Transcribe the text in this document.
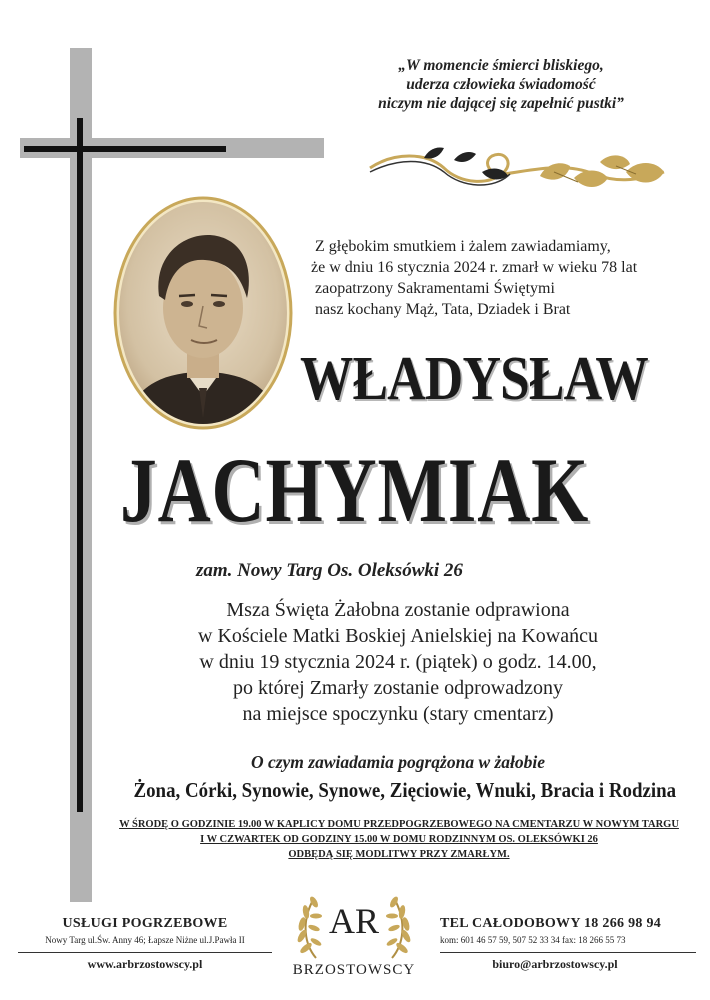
„W momencie śmierci bliskiego,
uderza człowieka świadomość
niczym nie dającej się zapełnić pustki”
Z głębokim smutkiem i żalem zawiadamiamy,
że w dniu 16 stycznia 2024 r. zmarł w wieku 78 lat
zaopatrzony Sakramentami Świętymi
nasz kochany Mąż, Tata, Dziadek i Brat
WŁADYSŁAW
JACHYMIAK
zam. Nowy Targ Os. Oleksówki 26
Msza Święta Żałobna zostanie odprawiona
w Kościele Matki Boskiej Anielskiej na Kowańcu
w dniu 19 stycznia 2024 r. (piątek) o godz. 14.00,
po której Zmarły zostanie odprowadzony
na miejsce spoczynku (stary cmentarz)
O czym zawiadamia pogrążona w żałobie
Żona, Córki, Synowie, Synowe, Zięciowie, Wnuki, Bracia i Rodzina
W ŚRODĘ O GODZINIE 19.00 W KAPLICY DOMU PRZEDPOGRZEBOWEGO NA CMENTARZU W NOWYM TARGU
I W CZWARTEK OD GODZINY 15.00 W DOMU RODZINNYM OS. OLEKSÓWKI 26
ODBĘDĄ SIĘ MODLITWY PRZY ZMARŁYM.
USŁUGI POGRZEBOWE
Nowy Targ ul.Św. Anny 46; Łapsze Niżne ul.J.Pawła II
www.arbrzostowscy.pl
AR
BRZOSTOWSCY
TEL CAŁODOBOWY 18 266 98 94
kom: 601 46 57 59, 507 52 33 34 fax: 18 266 55 73
biuro@arbrzostowscy.pl
